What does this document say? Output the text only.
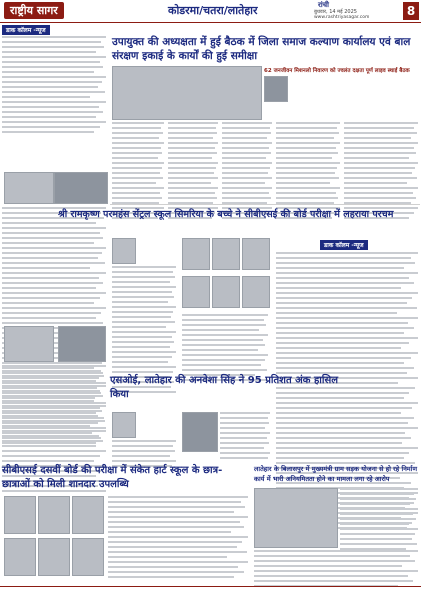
राष्ट्रीय सागर	कोडरमा/चतरा/लातेहार	रांची
बुधवार, 14 मई 2025
www.rashtriyasagar.com	8
डाक कॉलम -न्यूज
उपायुक्त की अध्यक्षता में हुई बैठक में जिला समाज कल्याण कार्यालय एवं बाल संरक्षण इकाई के कार्यों की हुई समीक्षा
62 जनजीवन मिशनलो निवारण को ज्वलंत दक्षता पूर्ण लाइव स्थाई बैठक
श्री रामकृष्ण परमहंस सेंट्रल स्कूल सिमरिया के बच्चे ने सीबीएसई की बोर्ड परीक्षा में लहराया परचम
डाक कॉलम -न्यूज
एसओई, लातेहार की अनवेशा सिंह ने 95 प्रतिशत अंक हासिल किया
सीबीएसई दसवीं बोर्ड की परीक्षा में संकेत हार्ट स्कूल के छात्र-छात्राओं को मिली शानदार उपलब्धि
लातेहार के बिलासपुर में मुख्यमंत्री ग्राम सड़क योजना से हो रहे निर्माण कार्य में भारी अनियमितता होने का मामला लगा रहे आरोप
